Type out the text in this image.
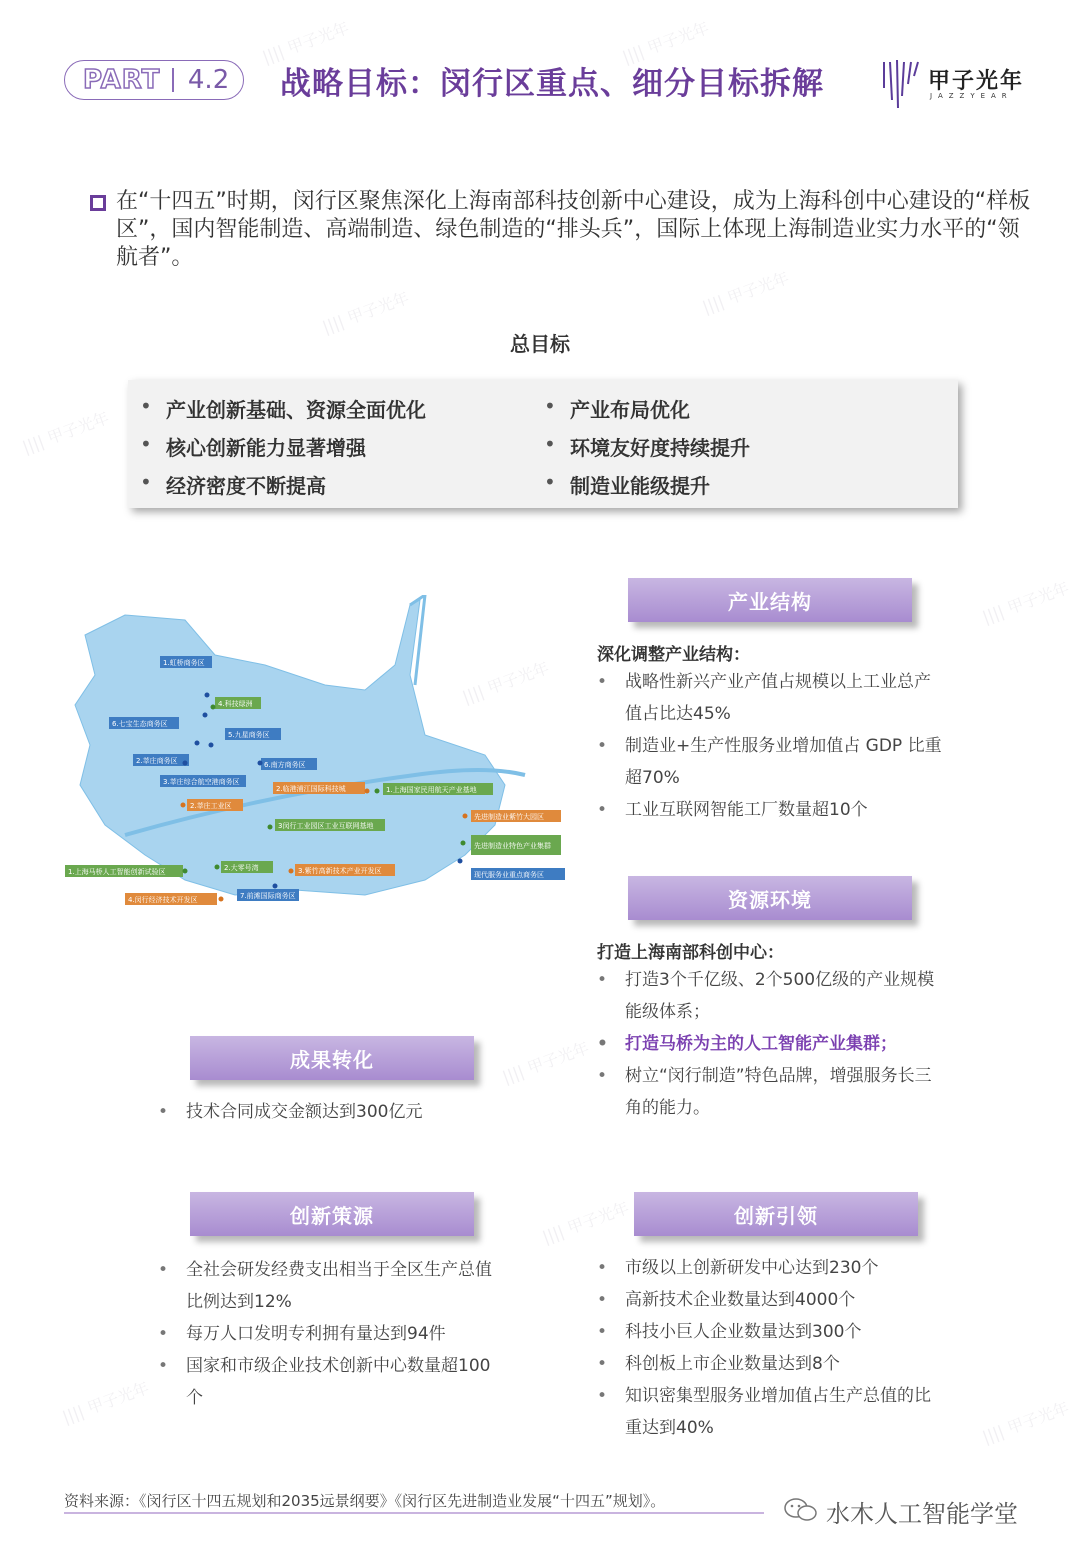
|||| 甲子光年	|||| 甲子光年
|||| 甲子光年	|||| 甲子光年
|||| 甲子光年
|||| 甲子光年
|||| 甲子光年
|||| 甲子光年
|||| 甲子光年
|||| 甲子光年	|||| 甲子光年
PART 4.2 战略目标：闵行区重点、细分目标拆解	甲子光年
JAZZYEAR
在“十四五”时期，闵行区聚焦深化上海南部科技创新中心建设，成为上海科创中心建设的“样板区”，国内智能制造、高端制造、绿色制造的“排头兵”，国际上体现上海制造业实力水平的“领航者”。
总目标
• 产业创新基础、资源全面优化
• 核心创新能力显著增强
• 经济密度不断提高
• 产业布局优化
• 环境友好度持续提升
• 制造业能级提升
1.虹桥商务区
4.科技绿洲
6.七宝生态商务区
5.九星商务区
2.莘庄商务区	6.南方商务区
3.莘庄综合航空港商务区
2.临港浦江国际科技城	1.上海国家民用航天产业基地
2.莘庄工业区
3闵行工业园区工业互联网基地
先进制造业紫竹大园区
先进制造业特色产业集群
1.上海马桥人工智能创新试验区	2.大零号湾	3.紫竹高新技术产业开发区	现代服务业重点商务区
4.闵行经济技术开发区	7.前滩国际商务区
产业结构
深化调整产业结构：
• 战略性新兴产业产值占规模以上工业总产值占比达45%
• 制造业+生产性服务业增加值占 GDP 比重超70%
• 工业互联网智能工厂数量超10个
资源环境
打造上海南部科创中心：
• 打造3个千亿级、2个500亿级的产业规模能级体系；
• 打造马桥为主的人工智能产业集群；
• 树立“闵行制造”特色品牌，增强服务长三角的能力。
成果转化
• 技术合同成交金额达到300亿元
创新策源
• 全社会研发经费支出相当于全区生产总值比例达到12%
• 每万人口发明专利拥有量达到94件
• 国家和市级企业技术创新中心数量超100个
创新引领
• 市级以上创新研发中心达到230个
• 高新技术企业数量达到4000个
• 科技小巨人企业数量达到300个
• 科创板上市企业数量达到8个
• 知识密集型服务业增加值占生产总值的比重达到40%
资料来源：《闵行区十四五规划和2035远景纲要》《闵行区先进制造业发展“十四五”规划》。	水木人工智能学堂
